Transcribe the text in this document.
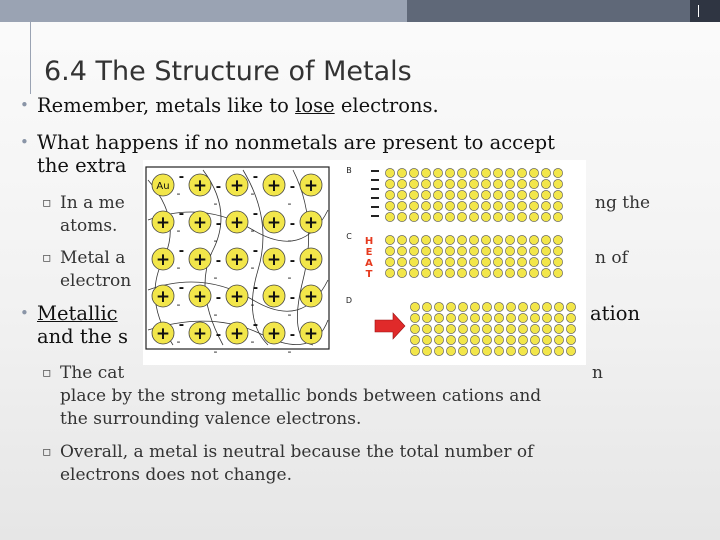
6.4 The Structure of Metals
• Remember, metals like to lose electrons.
• What happens if no nonmetals are present to accept
the extra
▫ In a me
atoms.
ng the
▫ Metal a
electron
n of
• Metallic
and the s
ation
▫ The cat
place by the strong metallic bonds between cations and
the surrounding valence electrons.
n
▫ Overall, a metal is neutral because the total number of
electrons does not change.
Au + + + +
+ + + + +
+ + + + +
+ + + + +
+ + + + +
-
-	-
-
-
-	-
-
-
-	-
-
-
-	-
-
-
-	-
-
-
-	-
-
-
-	-
-
-
-	-
-
-
-	-
-
-
-	-
-
B
C
D
H
E
A
T
